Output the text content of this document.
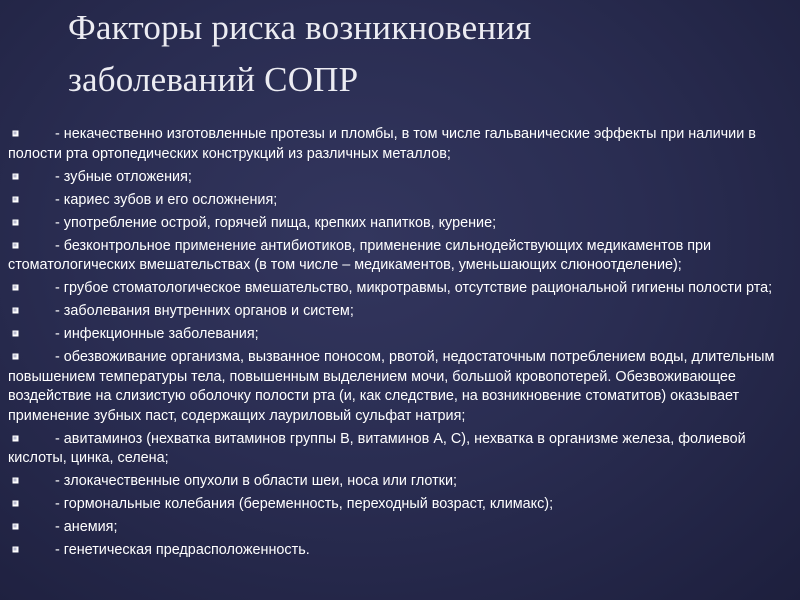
Факторы риска возникновения
заболеваний СОПР
- некачественно изготовленные протезы и пломбы, в том числе гальванические эффекты при наличии в полости рта ортопедических конструкций из различных металлов;
- зубные отложения;
- кариес зубов и его осложнения;
- употребление острой, горячей пища, крепких напитков, курение;
- безконтрольное применение антибиотиков, применение сильнодействующих медикаментов при стоматологических вмешательствах (в том числе – медикаментов, уменьшающих слюноотделение);
- грубое стоматологическое вмешательство, микротравмы, отсутствие рациональной гигиены полости рта;
- заболевания внутренних органов и систем;
- инфекционные заболевания;
- обезвоживание организма, вызванное поносом, рвотой, недостаточным потреблением воды, длительным повышением температуры тела, повышенным выделением мочи, большой кровопотерей. Обезвоживающее воздействие на слизистую оболочку полости рта (и, как следствие, на возникновение стоматитов) оказывает применение зубных паст, содержащих лауриловый сульфат натрия;
- авитаминоз (нехватка витаминов группы B, витаминов A, C), нехватка в организме железа, фолиевой кислоты, цинка, селена;
- злокачественные опухоли в области шеи, носа или глотки;
- гормональные колебания (беременность, переходный возраст, климакс);
- анемия;
- генетическая предрасположенность.
